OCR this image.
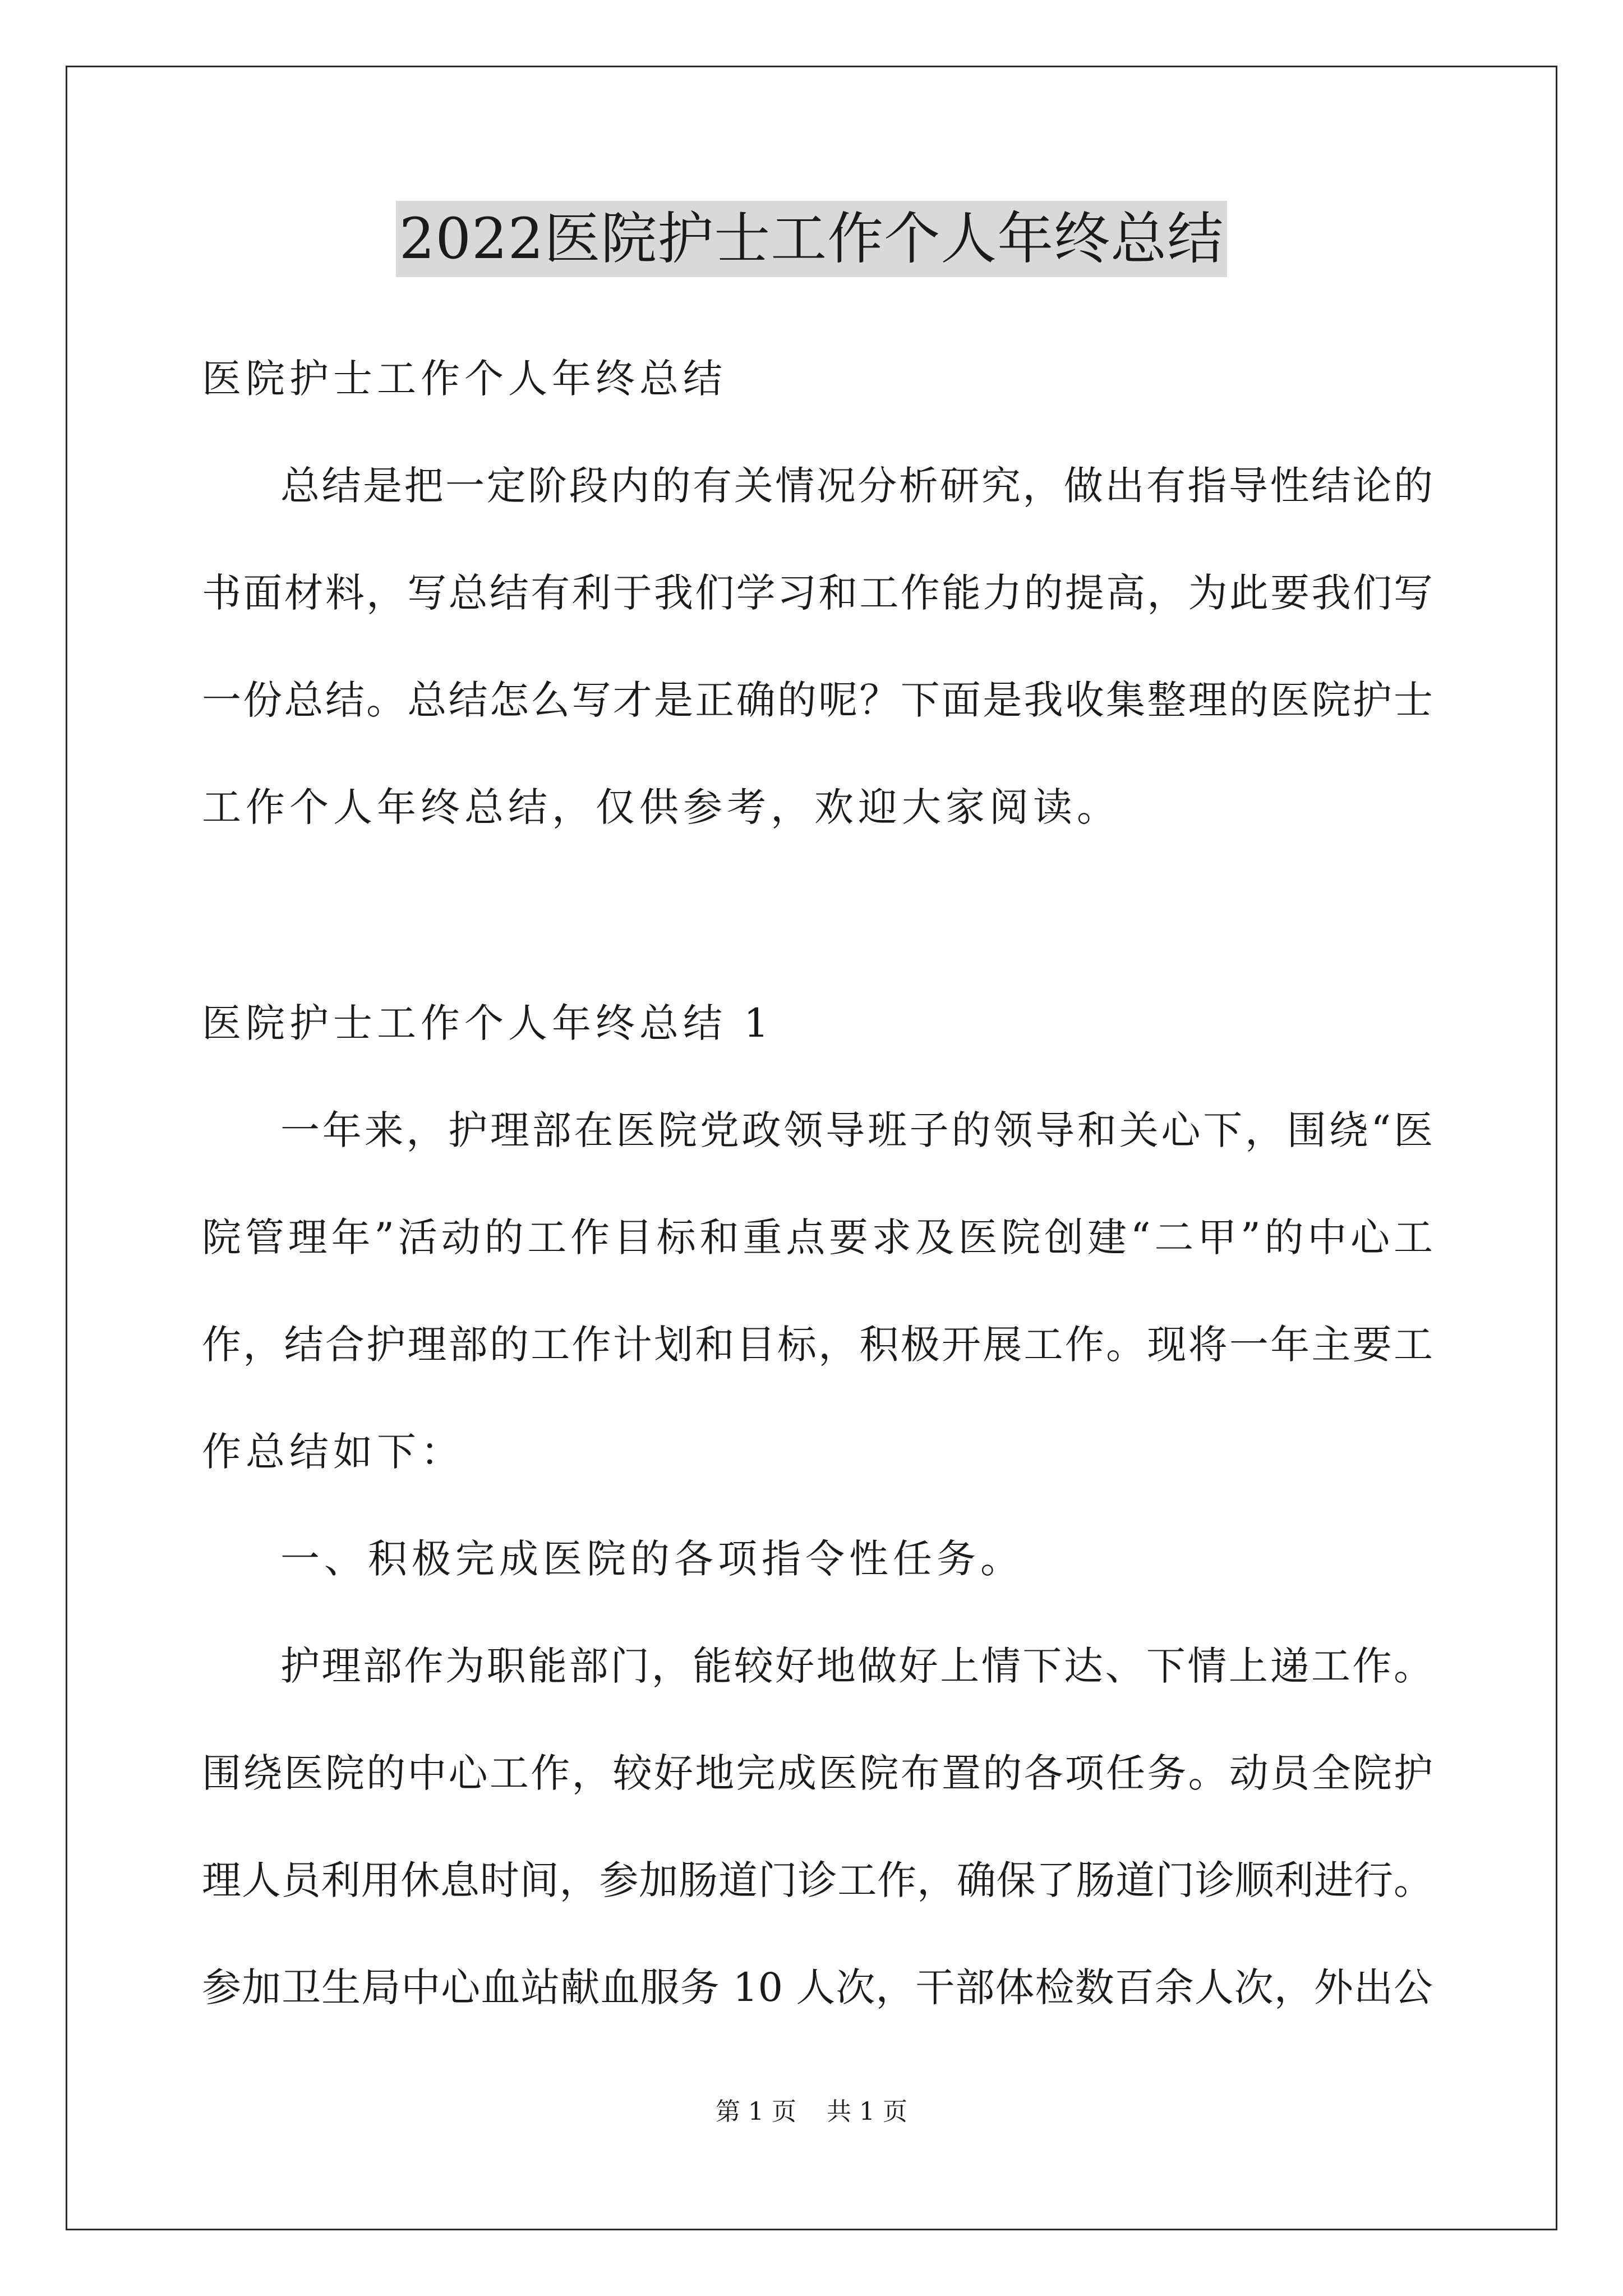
2022医院护士工作个人年终总结
医院护士工作个人年终总结
总结是把一定阶段内的有关情况分析研究，做出有指导性结论的
书面材料，写总结有利于我们学习和工作能力的提高，为此要我们写
一份总结。总结怎么写才是正确的呢？下面是我收集整理的医院护士
工作个人年终总结，仅供参考，欢迎大家阅读。
医院护士工作个人年终总结 1
一年来，护理部在医院党政领导班子的领导和关心下，围绕“医
院管理年”活动的工作目标和重点要求及医院创建“二甲”的中心工
作，结合护理部的工作计划和目标，积极开展工作。现将一年主要工
作总结如下：
一、积极完成医院的各项指令性任务。
护理部作为职能部门，能较好地做好上情下达、下情上递工作。
围绕医院的中心工作，较好地完成医院布置的各项任务。动员全院护
理人员利用休息时间，参加肠道门诊工作，确保了肠道门诊顺利进行。
参加卫生局中心血站献血服务 10 人次，干部体检数百余人次，外出公
第 1 页 共 1 页
